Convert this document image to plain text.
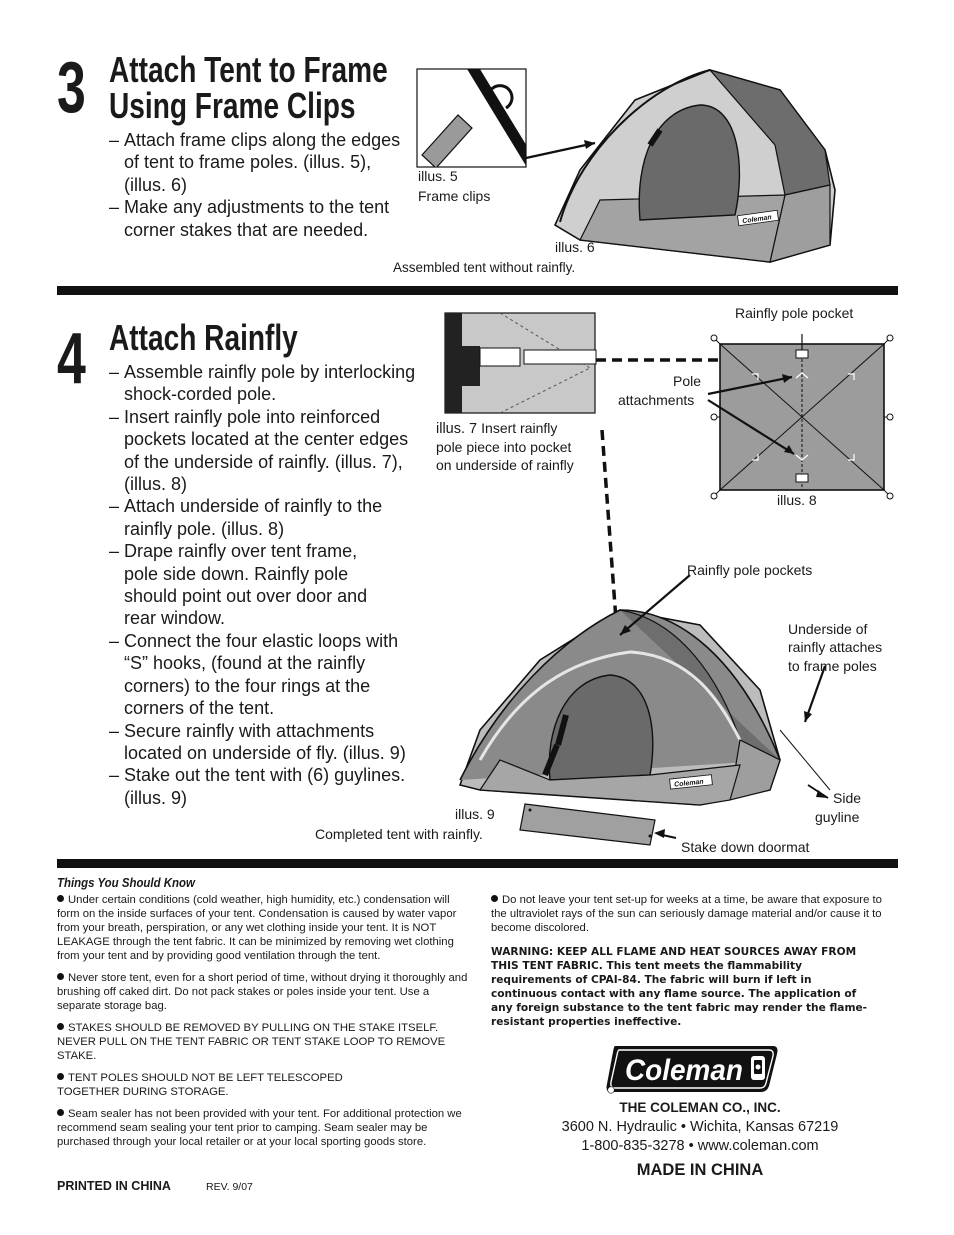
3 Attach Tent to Frame
Using Frame Clips
– Attach frame clips along the edges of tent to frame poles. (illus. 5), (illus. 6)
– Make any adjustments to the tent corner stakes that are needed.
illus. 5
Frame clips
Coleman
illus. 6
Assembled tent without rainfly.
4 Attach Rainfly
– Assemble rainfly pole by interlocking shock-corded pole.
– Insert rainfly pole into reinforced pockets located at the center edges of the underside of rainfly. (illus. 7), (illus. 8)
– Attach underside of rainfly to the rainfly pole. (illus. 8)
– Drape rainfly over tent frame, pole side down. Rainfly pole should point out over door and rear window.
– Connect the four elastic loops with “S” hooks, (found at the rainfly corners) to the four rings at the corners of the tent.
– Secure rainfly with attachments located on underside of fly. (illus. 9)
– Stake out the tent with (6) guylines. (illus. 9)
illus. 7 Insert rainfly
pole piece into pocket
on underside of rainfly
Rainfly pole pocket
Pole
attachments
illus. 8
Coleman
Rainfly pole pockets
Underside of
rainfly attaches
to frame poles
Side
guyline
illus. 9
Completed tent with rainfly.
Stake down doormat
Things You Should Know

Under certain conditions (cold weather, high humidity, etc.) condensation will form on the inside surfaces of your tent. Condensation is caused by water vapor from your breath, perspiration, or any wet clothing inside your tent. It is NOT LEAKAGE through the tent fabric. It can be minimized by removing wet clothing from your tent and by providing good ventilation through the tent.

Never store tent, even for a short period of time, without drying it thoroughly and brushing off caked dirt. Do not pack stakes or poles inside your tent. Use a separate storage bag.

STAKES SHOULD BE REMOVED BY PULLING ON THE STAKE ITSELF. NEVER PULL ON THE TENT FABRIC OR TENT STAKE LOOP TO REMOVE STAKE.

TENT POLES SHOULD NOT BE LEFT TELESCOPED TOGETHER DURING STORAGE.

Seam sealer has not been provided with your tent. For additional protection we recommend seam sealing your tent prior to camping. Seam sealer may be purchased through your local retailer or at your local sporting goods store.

Do not leave your tent set-up for weeks at a time, be aware that exposure to the ultraviolet rays of the sun can seriously damage material and/or cause it to become discolored.

WARNING: KEEP ALL FLAME AND HEAT SOURCES AWAY FROM THIS TENT FABRIC. This tent meets the flammability requirements of CPAI-84. The fabric will burn if left in continuous contact with any flame source. The application of any foreign substance to the tent fabric may render the flame-resistant properties ineffective.

Coleman
THE COLEMAN CO., INC.
3600 N. Hydraulic • Wichita, Kansas 67219
1-800-835-3278 • www.coleman.com
MADE IN CHINA
PRINTED IN CHINA	REV. 9/07
